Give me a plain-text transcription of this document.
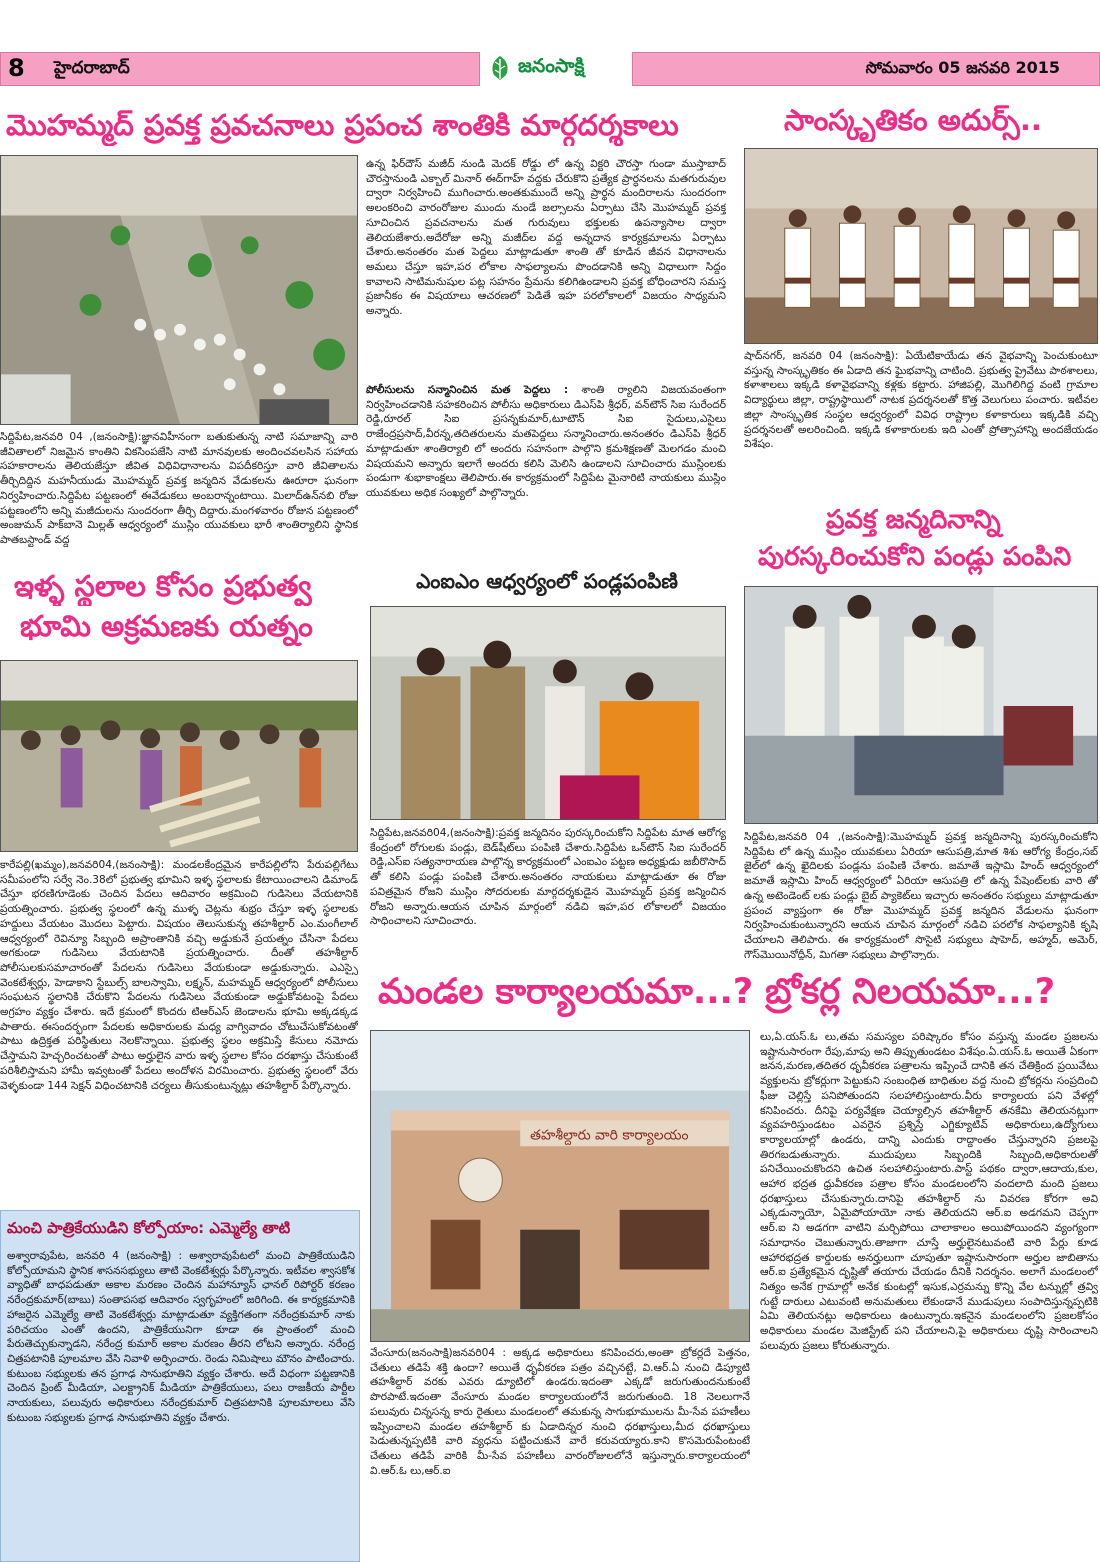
8	హైదరాబాద్‌	జనంసాక్షి	సోమవారం 05 జనవరి 2015
మొహమ్మద్‌ ప్రవక్త ప్రవచనాలు ప్రపంచ శాంతికి మార్గదర్శకాలు
సిద్దిపేట,జనవరి 04 ,(జనంసాక్షి):జ్ఞానవిహీనంగా బతుకుతున్న నాటి సమాజాన్ని వారి జీవితాలలో నిజమైన కాంతిని వికసింపజేసి నాటి మానవులకు అందించవలసిన సహాయ సహకారాలను తెలియజేస్తూ జీవిత విధివిధానాలను విపదీకరిస్తూ వారి జీవితాలను తీర్చిదిద్దిన మహనీయుడు మొహమ్మద్‌ ప్రవక్త జన్మదిన వేడుకలను ఊరూరా ఘనంగా నిర్వహించారు.సిద్దిపేట పట్టణంలో ఈవేడుకలు అంబరాన్నంటాయి. మిలాద్‌ఉన్‌నబి రోజు పట్టణంలోని అన్ని మజీదులను సుందరంగా తీర్చి దిద్దారు.మంగళవారం రోజున పట్టణంలో అంజుమన్‌ పాక్‌బానె మిల్లత్‌ ఆధ్వర్యంలో ముస్లిం యువకులు భారీ శాంతిర్యాలిని స్థానిక పాతబస్టాండ్‌ వద్ద
ఉన్న ఫిర్‌దౌస్‌ మజీద్‌ నుండి మెదక్‌ రోడ్డు లో ఉన్న విక్టరి చౌరస్తా గుండా ముస్తాబాద్‌ చౌరస్తానుండి ఎక్బాల్‌ మినార్‌ ఈద్‌గాహ్‌ వద్దకు చేరుకొని ప్రత్యేక ప్రార్ధనలను మతగురువుల ద్వారా నిర్వహించి ముగించారు.అంతకుముందే అన్ని ప్రార్థన మందిరాలను సుందరంగా అలంకరించి వారంరోజుల ముందు నుండే జల్సాలను ఏర్పాటు చేసి మొహమ్మద్‌ ప్రవక్త సూచించిన ప్రవచనాలను మత గురువులు భక్తులకు ఉపన్యాసాల ద్వారా తెలియజేశారు.అదేరోజు అన్ని మజీద్‌ల వద్ద అన్నదాన కార్యక్రమాలను ఏర్పాటు చేశారు.అనంతరం మత పెద్దలు మాట్లాడుతూ శాంతి తో కూడిన జీవన విధానాలను అమలు చేస్తూ ఇహ,పర లోకాల సాఫల్యాలను పొందడానికి అన్ని విధాలుగా సిద్దం కావాలని సాటిమనుషుల పట్ల సహనం ప్రేమను కలిగిఉండాలని ప్రవక్త బోధించారని సమస్త ప్రజానీకం ఈ విషయాలు ఆచరణలో పెడితే ఇహ పరలోకాలలో విజయం సాధ్యమని అన్నారు.
పోలీసులను సన్మానించిన మత పెద్దలు : శాంతి ర్యాలిని విజయవంతంగా నిర్వహించడానికి సహకరించిన పోలీసు అధికారులు డిఎస్‌పి శ్రీధర్‌, వన్‌టౌన్‌ సిఐ సురేందర్‌ రెడ్డి,రూరల్‌ సిఐ ప్రసన్నకుమార్‌,టూటౌన్‌ సిఐ సైదులు,ఎసైలు రాజేంద్రప్రసాద్‌,వీరన్న,తదితరులను మతపెద్దలు సన్మానించారు.అనంతరం డిఎస్‌పి శ్రీధర్‌ మాట్లాడుతూ శాంతిర్యాలి లో అందరు సహనంగా పాల్గొని క్రమశిక్షణతో మెలగడం మంచి విషయమని అన్నారు ఇలాగే అందరు కలిసి మెలిసి ఉండాలని సూచించారు ముస్లింలకు పండుగా శుభాకాంక్షలు తెలిపారు.ఈ కార్యక్రమంలో సిద్దిపేట మైనారిటి నాయకులు ముస్లిం యువకులు అధిక సంఖ్యలో పాల్గొన్నారు.
సాంస్కృతికం అదుర్స్‌..
షాద్‌నగర్‌, జనవరి 04 (జనంసాక్షి): ఏయేటికాయేడు తన వైభవాన్ని పెంచుకుంటూ వస్తున్న సాంస్కృతికం ఈ ఏడాది తన ఘైభవాన్ని చాటింది. ప్రభుత్వ ప్రైవేటు పాఠశాలలు, కళాశాలలు ఇక్కడి కళావైభవాన్ని కళ్లకు కట్టారు. హాజిపల్లి, మొగిలిగిద్ద వంటి గ్రామాల విద్యార్థులు జిల్లా, రాష్ట్రస్థాయిలో నాటక ప్రదర్శనలతో కొత్త వెలుగులు పంచారు. ఇటీవల జిల్లా సాంస్కృతిక సంస్థల ఆధ్వర్యంలో వివిధ రాష్ట్రాల కళాకారులు ఇక్కడికి వచ్చి ప్రదర్శనలతో అలరించింది. ఇక్కడి కళాకారులకు ఇది ఎంతో ప్రోత్సాహాన్ని అందజేయడం విశేషం.
ప్రవక్త జన్మదినాన్ని
పురస్కరించుకోని పండ్లు పంపిని
సిద్దిపేట,జనవరి 04 ,(జనంసాక్షి):మొహమ్మద్‌ ప్రవక్త జన్మదినాన్ని పురస్కరించుకోని సిద్దిపేట లో ఉన్న ముస్లిం యువకులు ఏరియా ఆసుపత్రి,మాత శిశు ఆరోగ్య కేంద్రం,సబ్‌ జైల్‌లో ఉన్న ఖైదిలకు పండ్లను పంపిణి చేశారు. జమాతే ఇస్లామి హింద్‌ ఆధ్వర్యంలో జమాతే ఇస్లామి హింద్‌ ఆధ్వర్యంలో ఏరియా ఆసుపత్రి లో ఉన్న పేషెంట్‌లకు వారి తో ఉన్న అటెండెంట్‌ లకు పండ్లు బైబ్‌ ప్యాకెట్‌లు ఇచ్చారు అనంతరం సభ్యులు మాట్లాడుతూ ప్రపంచ వ్యాప్తంగా ఈ రోజు మొహమ్మద్‌ ప్రవక్త జన్మదిన వేడులను ఘనంగా నిర్వహించుకుంటున్నారని ఆయన చూపిన మార్గంలో నడిచి పరలోక సాఫల్యానికి కృషి చేయాలని తెలిపారు. ఈ కార్యక్రమంలో సొసైటి సభ్యులు షాహెద్‌, అహ్మద్‌, అమెర్‌, గౌస్‌మొయినోద్దీన్‌, మిగతా సభ్యులు పాల్గొన్నారు.
ఎంఐఎం ఆధ్వర్యంలో పండ్లపంపిణి
సిద్దిపేట,జనవరి04,(జనంసాక్షి):ప్రవక్త జన్మదినం పురస్కరించుకోని సిద్దిపేట మాత ఆరోగ్య కేంద్రంలో రోగులకు పండ్లు, బెడ్‌షీట్‌లు పంపిణి చేశారు.సిద్దిపేట ఒన్‌టౌన్‌ సిఐ సురేందర్‌ రెడ్డి,ఎస్‌ఐ సత్యనారాయణ పాల్గొన్న కార్యక్రమంలో ఎంఐఎం పట్టణ అధ్యక్షుడు జబీరొసాద్‌ తో కలిసి పండ్లు పంపిణి చేశారు.అనంతరం నాయకులు మాట్లాడుతూ ఈ రోజు పవిత్రమైన రోజని ముస్లిం సోదరులకు మార్గదర్శకుడైన మొహమ్మద్‌ ప్రవక్త జన్మించిన రోజని అన్నారు.ఆయన చూపిన మార్గంలో నడిచి ఇహ,పర లోకాలలో విజయం సాధించాలని సూచించారు.
ఇళ్ళ స్థలాల కోసం ప్రభుత్వ
భూమి అక్రమణకు యత్నం
కారేపల్లి(ఖమ్మం),జనవరి04,(జనంసాక్షి): మండలకేంద్రమైన కారేపల్లిలోని పేరుపల్లిగేటు సమీపంలోని సర్వే నెం.38లో ప్రభుత్వ భూమిని ఇళ్ళ స్థలాలకు కేటాయించాలని డిమాండ్‌ చేస్తూ భరణిగూడెంకు చెందిన పేదలు ఆదివారం అక్రమించి గుడిసెలు వేయటానికి ప్రయత్నించారు. ప్రభుత్వ స్థలంలో ఉన్న ముళ్ళ చెట్లను శుభ్రం చేస్తూ ఇళ్ళ స్థలాలకు హద్దులు వేయటం మొదలు పెట్టారు. విషయం తెలుసుకున్న తహశీల్దార్‌ ఎం.మంగీలాల్‌ ఆధ్వర్యంలో రెవిన్యూ సిబ్బంది అప్రాంతానికి వచ్చి అడ్డుకునే ప్రయత్నం చేసినా పేదలు అగకుండా గుడిసెలు వేయటానికి ప్రయత్నించారు. దీంతో తహశీల్దార్‌ పోలీసులకుసమాచారంతో పేదలను గుడిసెలు వేయకుండా అడ్డుకున్నారు. ఎఎస్సై వెంకటేశ్వర్లు, హెడాకాని స్టేబుల్స్‌ బాలస్వామి, లక్ష్మన్‌, మహమ్మద్‌ ఆధ్వర్యంలో పోలీసులు సంఘటన స్థలానికి చేరుకొని పేదలను గుడిసెలు వేయకుండా అడ్డుకోవటంపై పేదలు అగ్రహం వ్యక్తం చేశారు. ఇదే క్రమంలో కొందరు టిఆర్‌ఎస్‌ జెండాలను భూమి అక్కడక్కడ పాతారు. ఈసందర్భంగా పేదలకు అధికారులకు మధ్య వాగ్వివాదం చోటుచేసుకోవటంతో పాటు ఉద్రిక్తత పరిస్థితులు నెలకొన్నాయి. ప్రభుత్వ స్థలం అక్రమిస్తే కేసులు నమోదు చేస్తామని హెచ్చరించటంతో పాటు అర్హులైన వారు ఇళ్ళ స్థలాల కోసం దరఖాస్తు చేసుకుంటే పరిశీలిస్తామని హామీ ఇవ్వటంతో పేదలు అందోళన విరమించారు. ప్రభుత్వ స్థలంలో వేరు వెళ్ళకుండా 144 సెక్షన్‌ విధించటానికి చర్యలు తీసుకుంటున్నట్లు తహశీల్దార్‌ పేర్కొన్నారు.
మంచి పాత్రికేయుడిని కోల్పోయాం: ఎమ్మెల్యే తాటి
అశ్వారావుపేట, జనవరి 4 (జనంసాక్షి) : అశ్వారావుపేటలో మంచి పాత్రికేయుడిని కోల్పోయామని స్థానిక శాసనసభ్యులు తాటి వెంకటేశ్వర్లు పేర్కొన్నారు. ఇటీవల శ్వాసకోశ వ్యాధితో బాధపడుతూ అకాల మరణం చెందిన మహాన్యూస్‌ ఛానల్‌ రిపోర్టర్‌ కరణం నరేంద్రకుమార్‌(బాబు) సంతాపసభ ఆదివారం స్వగృహంలో జరిగింది. ఈ కార్యక్రమానికి హాజరైన ఎమ్మెల్యే తాటి వెంకటేశ్వర్లు మాట్లాడుతూ వ్యక్తిగతంగా నరేంద్రకుమార్‌ నాకు పరిచయం ఎంతో ఉందని, పాత్రికేయునిగా కూడా ఈ ప్రాంతంలో మంచి పేరుతెచ్చుకున్నాడని, నరేంద్ర కుమార్‌ అకాల మరణం తీరని లోటని అన్నారు. నరేంద్ర చిత్రపటానికి పూలమాల వేసి నివాళి అర్పించారు. రెండు నిమిషాలు మౌనం పాటించారు. కుటుంబ సభ్యులకు తన ప్రగాఢ సానుభూతిని వ్యక్తం చేశారు. అదే విధంగా పట్టణానికి చెందిన ప్రింట్‌ మీడియా, ఎలక్ట్రానిక్‌ మీడియా పాత్రికేయులు, పలు రాజకీయ పార్టీల నాయకులు, పలువురు అధికారులు నరేంద్రకుమార్‌ చిత్రపటానికి పూలమాలలు వేసి కుటుంబ సభ్యులకు ప్రగాఢ సానుభూతిని వ్యక్తం చేశారు.
మండల కార్యాలయమా...? బ్రోకర్ల నిలయమా...?
తహశీల్దారు వారి కార్యాలయం
వేంసూరు(జనంసాక్షి)జనవరి04 : అక్కడ అధికారులు కనిపించరు,అంతా బ్రోకర్లదే పెత్తనం, చేతులు తడిపే శక్తి ఉందా? అయితే ధృవీకరణ పత్రం వచ్చినట్టే, వి.ఆర్‌.ఏ నుంచి డిప్యూటి తహశీల్దార్‌ వరకు ఎవరు డ్యూటిలో ఉండరు.ఇదంతా ఎక్కడో జరుగుతుందనుకుంటే పొరపాటే.ఇదంతా వేంసూరు మండల కార్యాలయంలోనే జరుగుతుంది. 18 నెలలుగానే పలువురు చిన్నసన్న కారు రైతులు మండలంలో తమకున్న సాగుభూములను మీ-సేవ పహణీలు ఇప్పించాలని మండల తహశీల్దార్‌ కు ఏడాదిన్నర నుంచి ధరఖాస్తులు,మీద ధరఖాస్తులు పెడుతున్నప్పటికి వారి వ్యధను పట్టించుకునే వారే కరువయ్యారు.కాని కొసమెరుపేంటంటే చేతులు తడిపే వారికి మీ-సేవ పహణీలు వారంరోజులలోనే ఇస్తున్నారు.కార్యాలయంలో వి.ఆర్‌.ఓ లు,ఆర్‌.ఐ
లు,ఏ.యస్‌.ఓ లు,తమ సమస్యల పరిష్కారం కోసం వస్తున్న మండల ప్రజలను ఇష్టానుసారంగా రేపు,మాపు అని తిప్పుతుండటం విశేషం.ఏ.యస్‌.ఓ అయితే ఏకంగా జనన,మరణ,తదితర ధృవీకరణ పత్రాలను ఇప్పించే దానికి తన చేతిక్రింద ప్రయివేటు వ్యక్తులను బ్రోకర్లుగా పెట్టుకుని సంబంధిత బాధితుల వద్ద నుంచి బ్రోకర్లను సంప్రదించి ఫీజు చెల్లిస్తే పనిపోతుందని సలహాలిస్తుంటారు.వీరు కార్యాలయ పని వేళల్లో కనిపించరు. దీనిపై పర్యవేక్షణ చెయ్యాల్సిన తహశీల్దార్‌ తనకేమి తెలియనట్లుగా వ్యవహరిస్తుండటం ఎవరైన ప్రశ్నిస్తే ఎగ్జిక్యూటివ్‌ అధికారులు,ఉద్యోగులు కార్యాలయాల్లో ఉండరు, దాన్ని ఎందుకు రాద్దాంతం చేస్తున్నారని ప్రజలపై తిరగబడుతున్నారు. ముదుపులు సిబ్బందికి సిబ్బంది,అధికారులతో పనిచేయించుకొందని ఉచిత సలహాలిస్తుంటారు.పాస్ట్‌ పథకం ద్వారా,ఆదాయ,కుల, ఆహార భద్రత ధ్రువీకరణ పత్రాల కోసం మండలంలోని వందలాది మంది ప్రజలు ధరఖాస్తులు చేసుకున్నారు.దానిపై తహశీల్దార్‌ ను వివరణ కోరగా అవి ఎక్కడున్నాయో, ఏమైపోయాయో నాకు తెలియదని ఆర్‌.ఐ అడగమని చెప్పగా ఆర్‌.ఐ ని అడగగా వాటిని మర్చిపోయి చాలాకాలం అయిపోయిందని వ్యంగ్యంగా సమాధానం చెబుతున్నారు.తాజాగా చూస్తే అర్హులైనటువంటి వారి పేర్లు కూడ ఆహారభద్రత కార్డులకు అనర్హులుగా చూపుతూ ఇష్టానుసారంగా అర్హుల జాబితాను ఆర్‌.ఐ ప్రత్యేకమైన దృష్టితో తయారు చేయడం దీనికి నిదర్శనం. అలాగే మండలంలో నిత్యం అనేక గ్రామాల్లో అనేక కుంటల్లో ఇసుక,ఎర్రమన్ను కొన్ని వేల టన్నుల్లో త్రవ్వి గుట్టే దారులు ఎటువంటి అనుమతులు లేకుండానే ముడుపులు సంపాదిస్తున్నప్పటికి ఏమి తెలియనట్లు అధికారులు ఉంటున్నారు.ఇకనైన మండలంలోని ప్రజలకోసం అధికారులు మండల మెజిస్ట్రేట్‌ పని చేయాలని,పై అధికారులు దృష్టి సారించాలని పలువురు ప్రజలు కోరుతున్నారు.
